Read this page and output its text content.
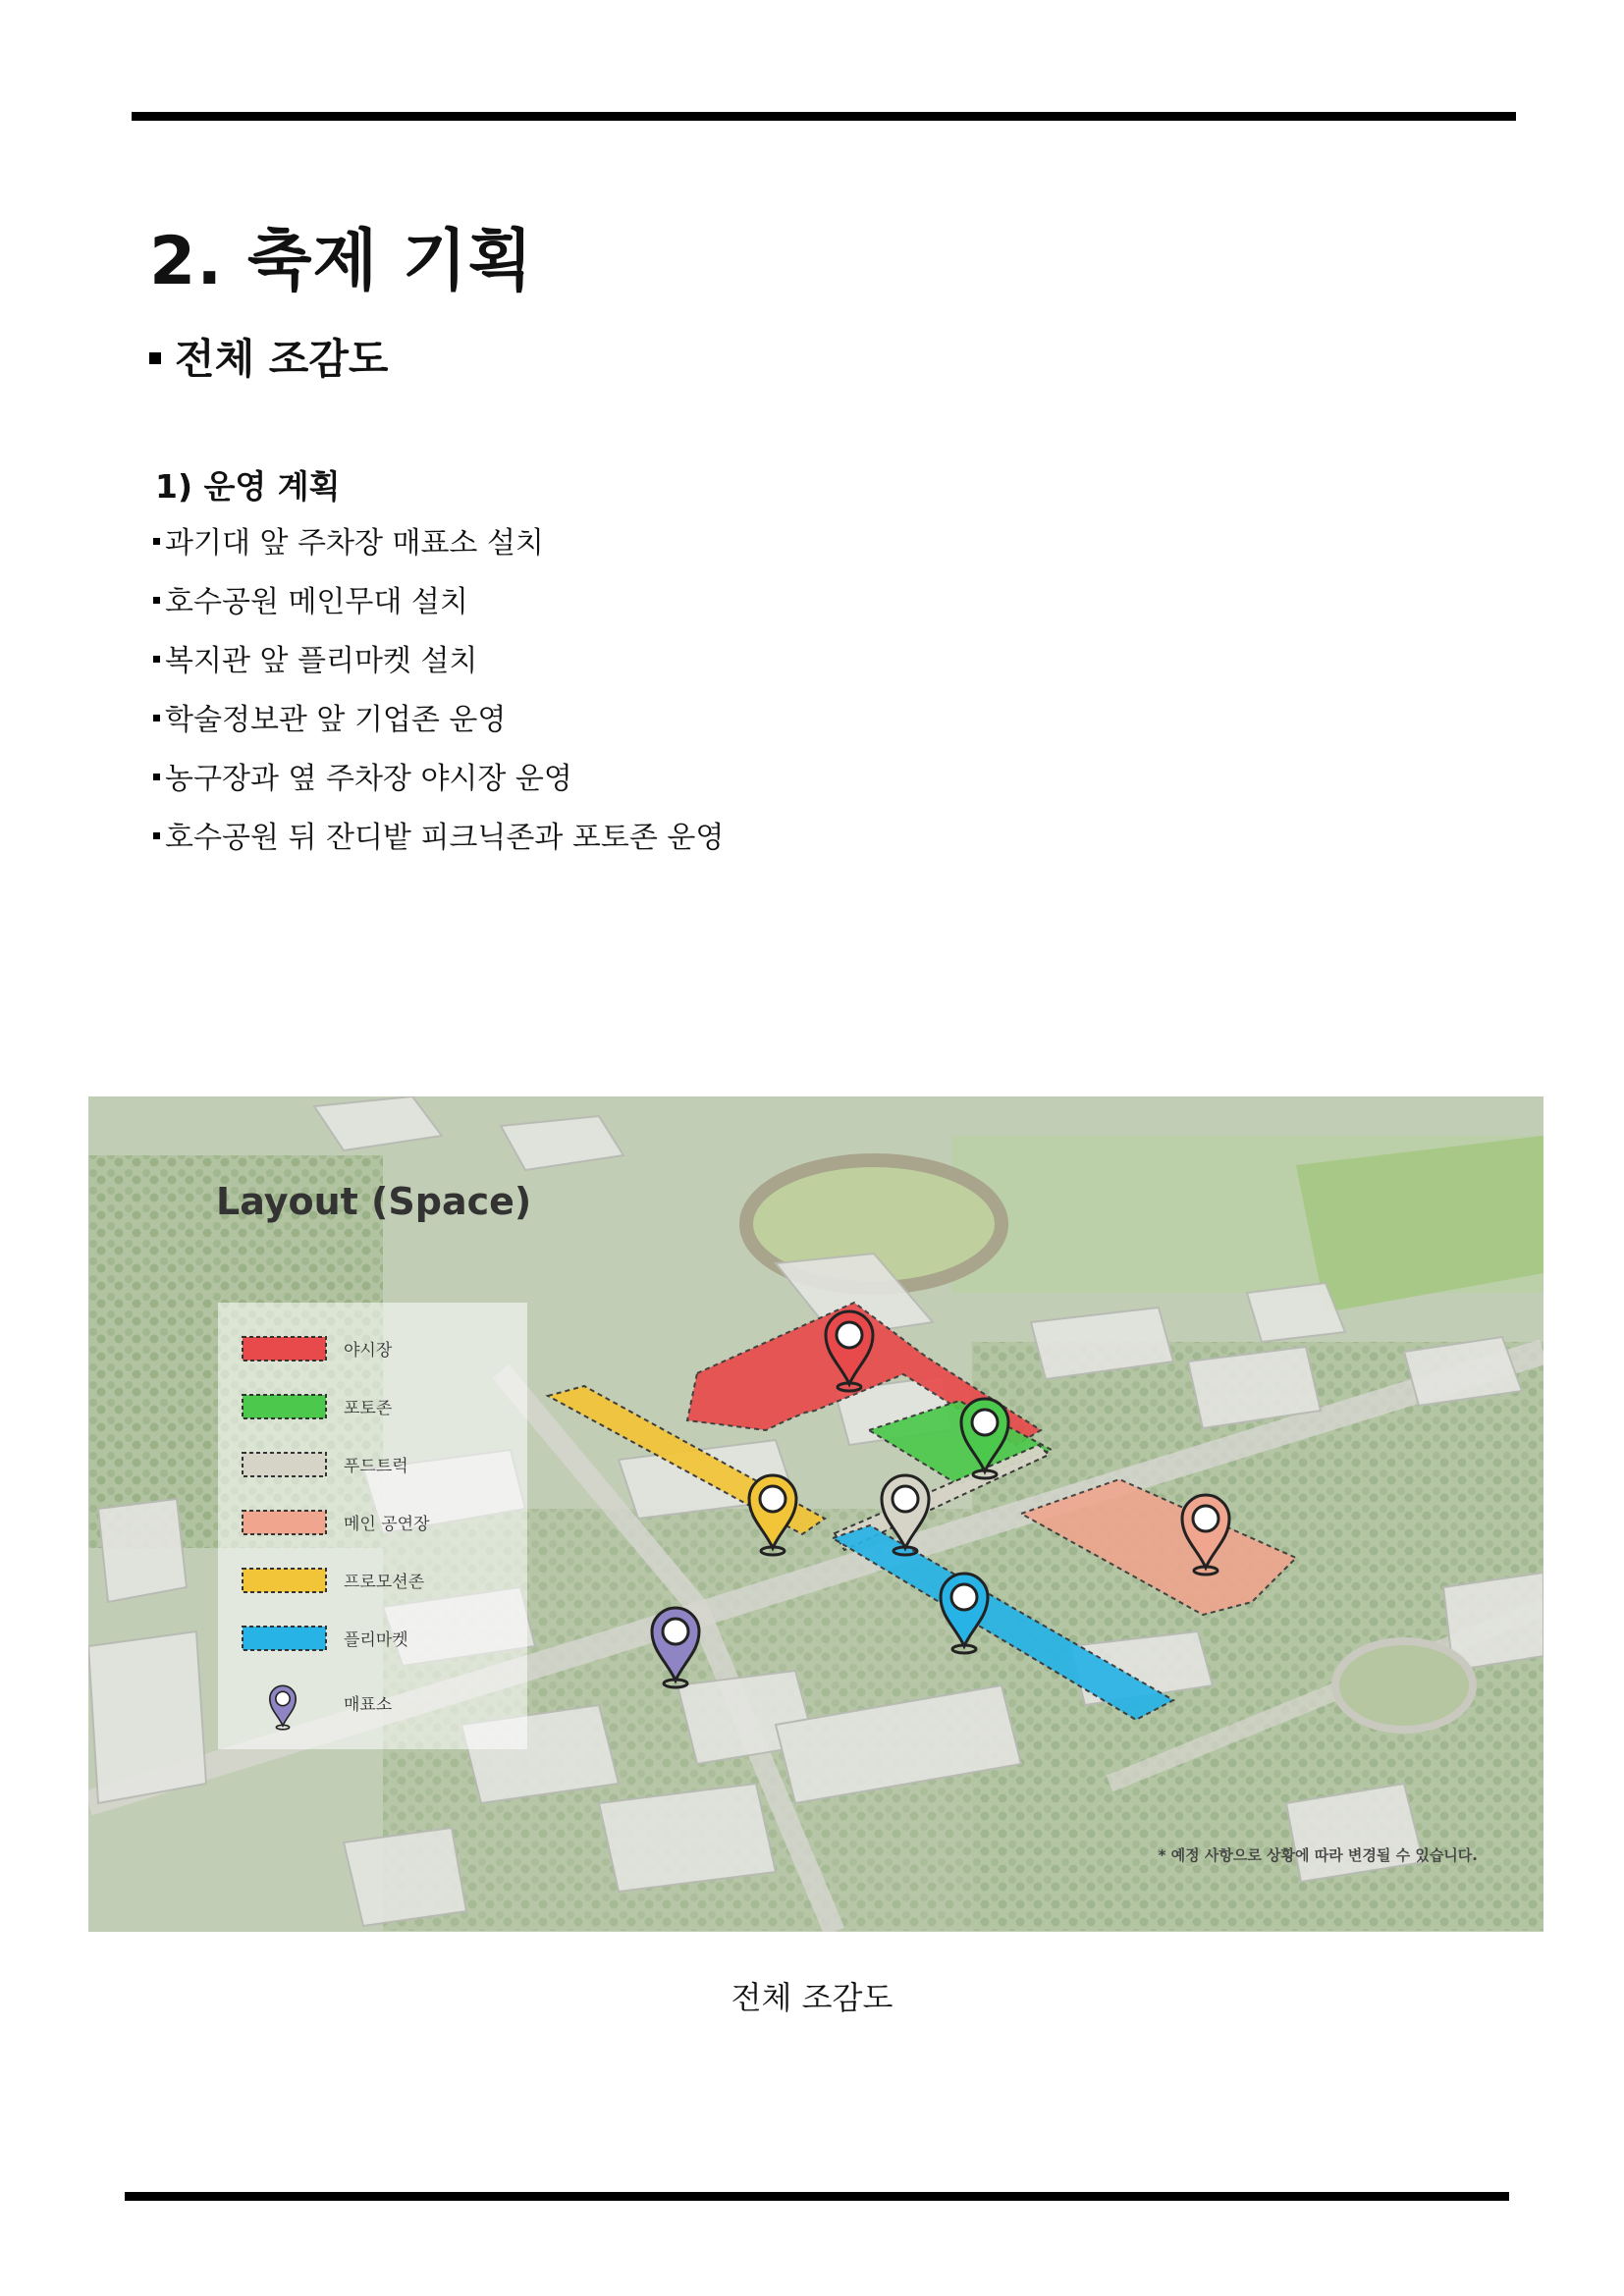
2. 축제 기획
전체 조감도
1) 운영 계획
과기대 앞 주차장 매표소 설치
호수공원 메인무대 설치
복지관 앞 플리마켓 설치
학술정보관 앞 기업존 운영
농구장과 옆 주차장 야시장 운영
호수공원 뒤 잔디밭 피크닉존과 포토존 운영
Layout (Space)
야시장
포토존
푸드트럭
메인 공연장
프로모션존
플리마켓
매표소
* 예정 사항으로 상황에 따라 변경될 수 있습니다.
전체 조감도
